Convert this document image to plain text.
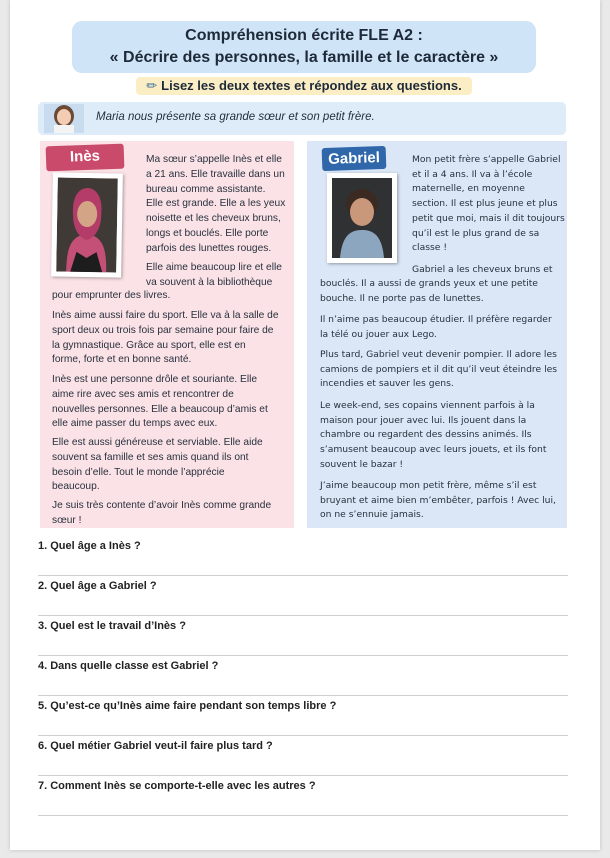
Compréhension écrite FLE A2 :
« Décrire des personnes, la famille et le caractère »
✏ Lisez les deux textes et répondez aux questions.
Maria nous présente sa grande sœur et son petit frère.
Inès	Ma sœur s’appelle Inès et elle
a 21 ans. Elle travaille dans un
bureau comme assistante.
Elle est grande. Elle a les yeux
noisette et les cheveux bruns,
longs et bouclés. Elle porte
parfois des lunettes rouges.
Elle aime beaucoup lire et elle
va souvent à la bibliothèque
pour emprunter des livres.
Inès aime aussi faire du sport. Elle va à la salle de
sport deux ou trois fois par semaine pour faire de
la gymnastique. Grâce au sport, elle est en
forme, forte et en bonne santé.
Inès est une personne drôle et souriante. Elle
aime rire avec ses amis et rencontrer de
nouvelles personnes. Elle a beaucoup d’amis et
elle aime passer du temps avec eux.
Elle est aussi généreuse et serviable. Elle aide
souvent sa famille et ses amis quand ils ont
besoin d’elle. Tout le monde l’apprécie
beaucoup.
Je suis très contente d’avoir Inès comme grande
sœur !
Gabriel	Mon petit frère s’appelle Gabriel
et il a 4 ans. Il va à l’école
maternelle, en moyenne
section. Il est plus jeune et plus
petit que moi, mais il dit toujours
qu’il est le plus grand de sa
classe !
Gabriel a les cheveux bruns et
bouclés. Il a aussi de grands yeux et une petite
bouche. Il ne porte pas de lunettes.
Il n’aime pas beaucoup étudier. Il préfère regarder
la télé ou jouer aux Lego.
Plus tard, Gabriel veut devenir pompier. Il adore les
camions de pompiers et il dit qu’il veut éteindre les
incendies et sauver les gens.
Le week-end, ses copains viennent parfois à la
maison pour jouer avec lui. Ils jouent dans la
chambre ou regardent des dessins animés. Ils
s’amusent beaucoup avec leurs jouets, et ils font
souvent le bazar !
J’aime beaucoup mon petit frère, même s’il est
bruyant et aime bien m’embêter, parfois ! Avec lui,
on ne s’ennuie jamais.
1. Quel âge a Inès ?
2. Quel âge a Gabriel ?
3. Quel est le travail d’Inès ?
4. Dans quelle classe est Gabriel ?
5. Qu’est-ce qu’Inès aime faire pendant son temps libre ?
6. Quel métier Gabriel veut-il faire plus tard ?
7. Comment Inès se comporte-t-elle avec les autres ?
